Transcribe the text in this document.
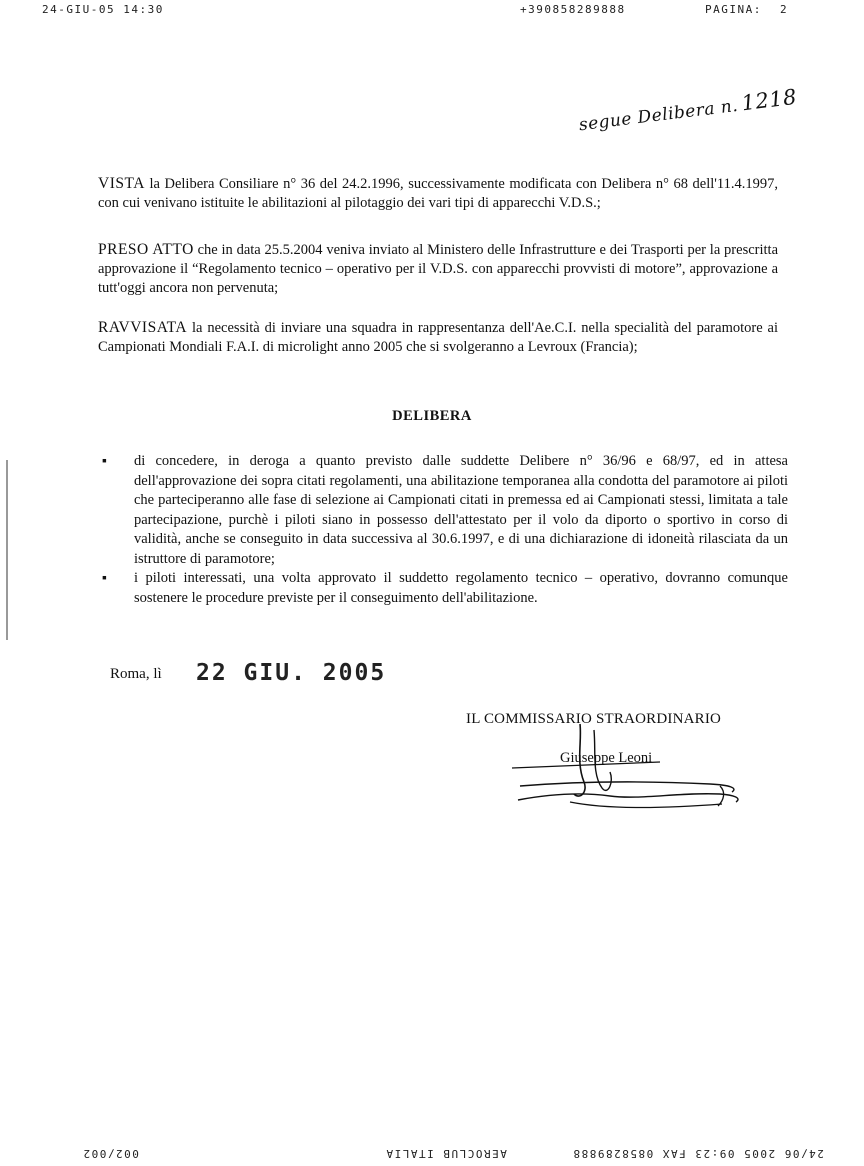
24-GIU-05 14:30	+390858289888	PAGINA: 2
segue Delibera n.1218
VISTA la Delibera Consiliare n° 36 del 24.2.1996, successivamente modificata con Delibera n° 68 dell'11.4.1997, con cui venivano istituite le abilitazioni al pilotaggio dei vari tipi di apparecchi V.D.S.;
PRESO ATTO che in data 25.5.2004 veniva inviato al Ministero delle Infrastrutture e dei Trasporti per la prescritta approvazione il “Regolamento tecnico – operativo per il V.D.S. con apparecchi provvisti di motore”, approvazione a tutt'oggi ancora non pervenuta;
RAVVISATA la necessità di inviare una squadra in rappresentanza dell'Ae.C.I. nella specialità del paramotore ai Campionati Mondiali F.A.I. di microlight anno 2005 che si svolgeranno a Levroux (Francia);
DELIBERA
▪ di concedere, in deroga a quanto previsto dalle suddette Delibere n° 36/96 e 68/97, ed in attesa dell'approvazione dei sopra citati regolamenti, una abilitazione temporanea alla condotta del paramotore ai piloti che parteciperanno alle fase di selezione ai Campionati citati in premessa ed ai Campionati stessi, limitata a tale partecipazione, purchè i piloti siano in possesso dell'attestato per il volo da diporto o sportivo in corso di validità, anche se conseguito in data successiva al 30.6.1997, e di una dichiarazione di idoneità rilasciata da un istruttore di paramotore;
▪ i piloti interessati, una volta approvato il suddetto regolamento tecnico – operativo, dovranno comunque sostenere le procedure previste per il conseguimento dell'abilitazione.
Roma, lì 22 GIU. 2005
IL COMMISSARIO STRAORDINARIO
Giuseppe Leoni
002/002	AEROCLUB ITALIA	24/06 2005 09:23 FAX 0858289888
